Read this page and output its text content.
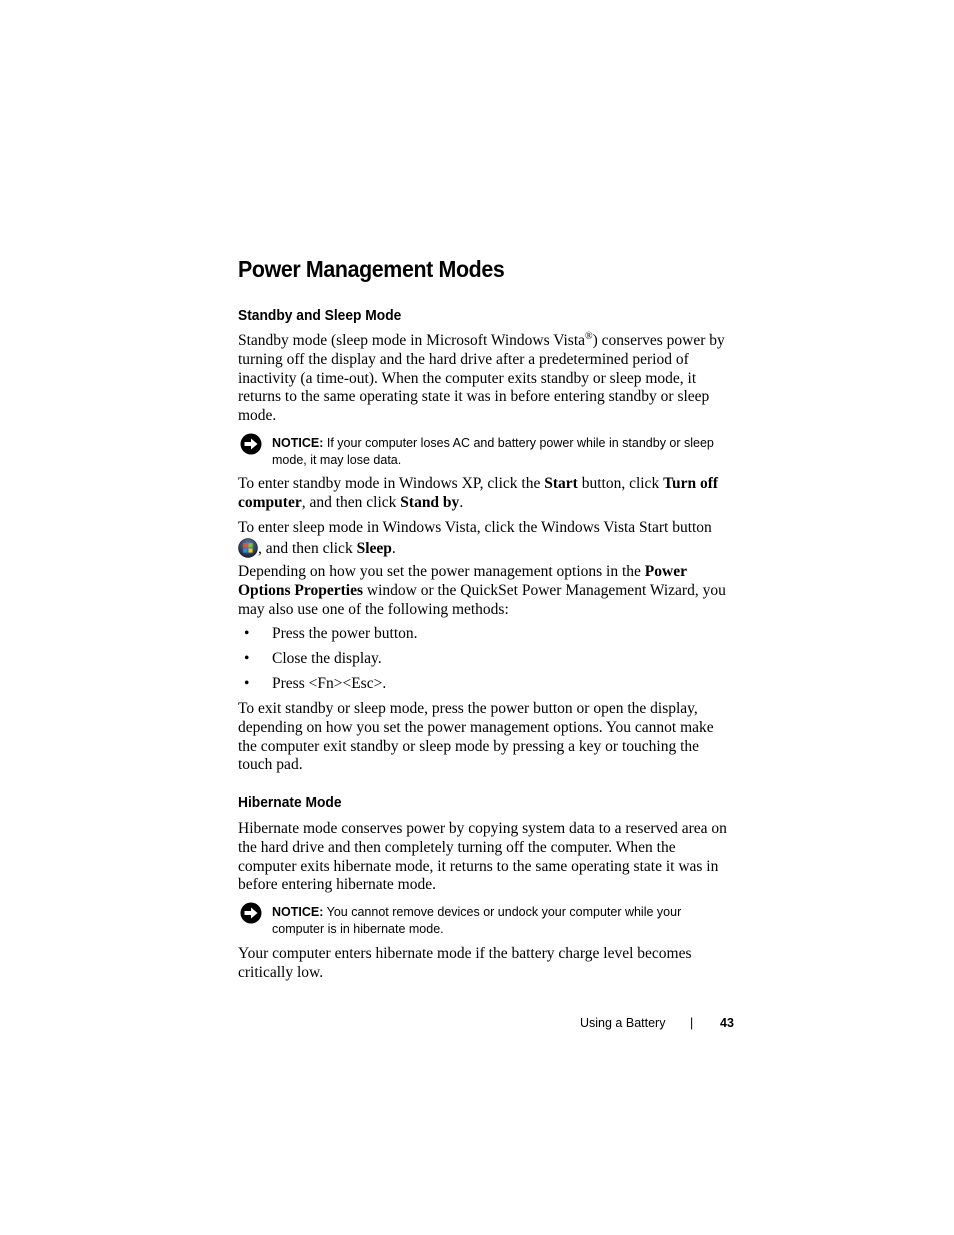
Power Management Modes
Standby and Sleep Mode
Standby mode (sleep mode in Microsoft Windows Vista®) conserves power by turning off the display and the hard drive after a predetermined period of inactivity (a time-out). When the computer exits standby or sleep mode, it returns to the same operating state it was in before entering standby or sleep mode.
NOTICE: If your computer loses AC and battery power while in standby or sleep mode, it may lose data.
To enter standby mode in Windows XP, click the Start button, click Turn off computer, and then click Stand by.
To enter sleep mode in Windows Vista, click the Windows Vista Start button , and then click Sleep.
Depending on how you set the power management options in the Power Options Properties window or the QuickSet Power Management Wizard, you may also use one of the following methods:
• Press the power button.
• Close the display.
• Press <Fn><Esc>.
To exit standby or sleep mode, press the power button or open the display, depending on how you set the power management options. You cannot make the computer exit standby or sleep mode by pressing a key or touching the touch pad.
Hibernate Mode
Hibernate mode conserves power by copying system data to a reserved area on the hard drive and then completely turning off the computer. When the computer exits hibernate mode, it returns to the same operating state it was in before entering hibernate mode.
NOTICE: You cannot remove devices or undock your computer while your computer is in hibernate mode.
Your computer enters hibernate mode if the battery charge level becomes critically low.
Using a Battery | 43
